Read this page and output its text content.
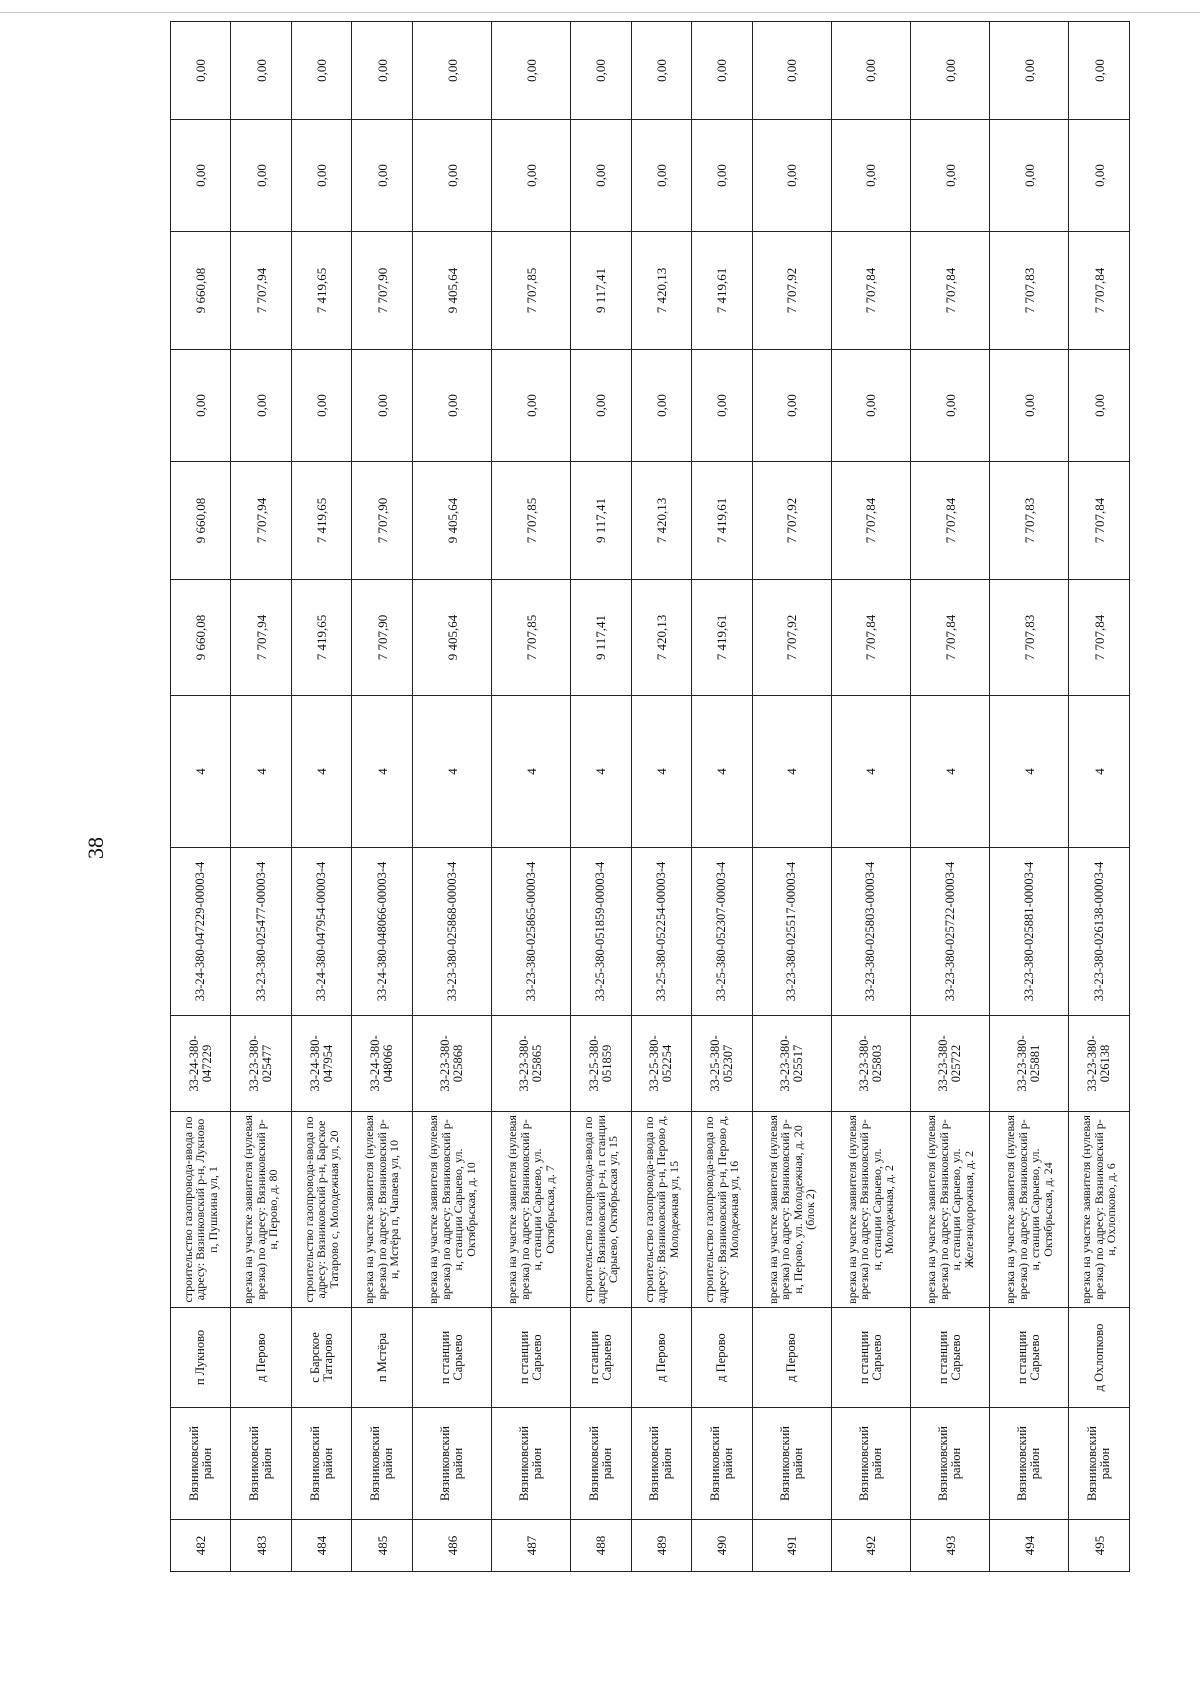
38
482	Вязниковский район	п Лукново	строительство газопровода-ввода по адресу: Вязниковский р-н, Лукново п, Пушкина ул, 1	33-24-380-047229	33-24-380-047229-00003-4	4	9 660,08	9 660,08	0,00	9 660,08	0,00	0,00
483	Вязниковский район	д Перово	врезка на участке заявителя (нулевая врезка) по адресу: Вязниковский р-н, Перово, д. 80	33-23-380-025477	33-23-380-025477-00003-4	4	7 707,94	7 707,94	0,00	7 707,94	0,00	0,00
484	Вязниковский район	с Барское Татарово	строительство газопровода-ввода по адресу: Вязниковский р-н, Барское Татарово с, Молодежная ул, 20	33-24-380-047954	33-24-380-047954-00003-4	4	7 419,65	7 419,65	0,00	7 419,65	0,00	0,00
485	Вязниковский район	п Мстёра	врезка на участке заявителя (нулевая врезка) по адресу: Вязниковский р-н, Мстёра п, Чапаева ул, 10	33-24-380-048066	33-24-380-048066-00003-4	4	7 707,90	7 707,90	0,00	7 707,90	0,00	0,00
486	Вязниковский район	п станции Сарыево	врезка на участке заявителя (нулевая врезка) по адресу: Вязниковский р-н, станции Сарыево, ул. Октябрьская, д. 10	33-23-380-025868	33-23-380-025868-00003-4	4	9 405,64	9 405,64	0,00	9 405,64	0,00	0,00
487	Вязниковский район	п станции Сарыево	врезка на участке заявителя (нулевая врезка) по адресу: Вязниковский р-н, станции Сарыево, ул. Октябрьская, д. 7	33-23-380-025865	33-23-380-025865-00003-4	4	7 707,85	7 707,85	0,00	7 707,85	0,00	0,00
488	Вязниковский район	п станции Сарыево	строительство газопровода-ввода по адресу: Вязниковский р-н, п станции Сарыево, Октябрьская ул, 15	33-25-380-051859	33-25-380-051859-00003-4	4	9 117,41	9 117,41	0,00	9 117,41	0,00	0,00
489	Вязниковский район	д Перово	строительство газопровода-ввода по адресу: Вязниковский р-н, Перово д, Молодежная ул, 15	33-25-380-052254	33-25-380-052254-00003-4	4	7 420,13	7 420,13	0,00	7 420,13	0,00	0,00
490	Вязниковский район	д Перово	строительство газопровода-ввода по адресу: Вязниковский р-н, Перово д, Молодежная ул, 16	33-25-380-052307	33-25-380-052307-00003-4	4	7 419,61	7 419,61	0,00	7 419,61	0,00	0,00
491	Вязниковский район	д Перово	врезка на участке заявителя (нулевая врезка) по адресу: Вязниковский р-н, Перово, ул. Молодежная, д. 20 (блок 2)	33-23-380-025517	33-23-380-025517-00003-4	4	7 707,92	7 707,92	0,00	7 707,92	0,00	0,00
492	Вязниковский район	п станции Сарыево	врезка на участке заявителя (нулевая врезка) по адресу: Вязниковский р-н, станции Сарыево, ул. Молодежная, д. 2	33-23-380-025803	33-23-380-025803-00003-4	4	7 707,84	7 707,84	0,00	7 707,84	0,00	0,00
493	Вязниковский район	п станции Сарыево	врезка на участке заявителя (нулевая врезка) по адресу: Вязниковский р-н, станции Сарыево, ул. Железнодорожная, д. 2	33-23-380-025722	33-23-380-025722-00003-4	4	7 707,84	7 707,84	0,00	7 707,84	0,00	0,00
494	Вязниковский район	п станции Сарыево	врезка на участке заявителя (нулевая врезка) по адресу: Вязниковский р-н, станции Сарыево, ул. Октябрьская, д. 24	33-23-380-025881	33-23-380-025881-00003-4	4	7 707,83	7 707,83	0,00	7 707,83	0,00	0,00
495	Вязниковский район	д Охлопково	врезка на участке заявителя (нулевая врезка) по адресу: Вязниковский р-н, Охлопково, д. 6	33-23-380-026138	33-23-380-026138-00003-4	4	7 707,84	7 707,84	0,00	7 707,84	0,00	0,00
